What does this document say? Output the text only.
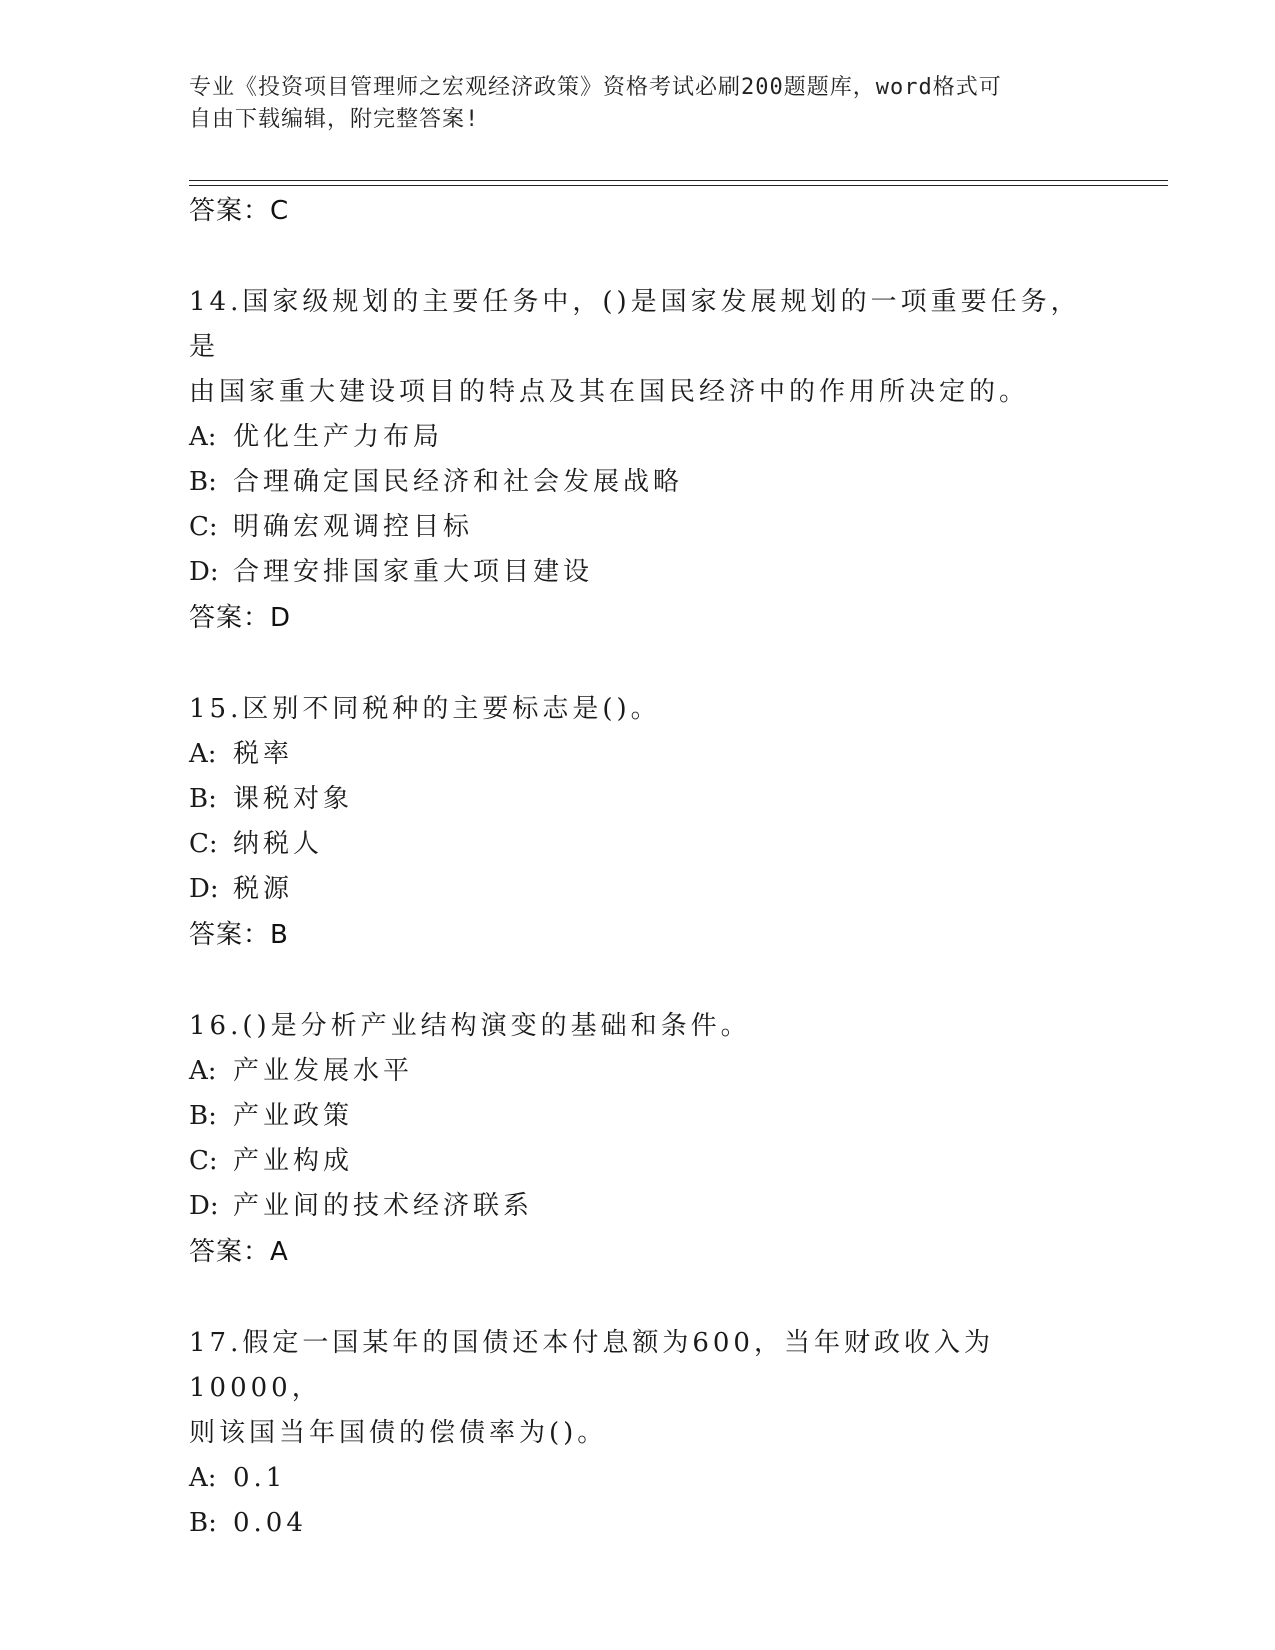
专业《投资项目管理师之宏观经济政策》资格考试必刷200题题库，word格式可
自由下载编辑，附完整答案!
答案：C
14.国家级规划的主要任务中，()是国家发展规划的一项重要任务，是
由国家重大建设项目的特点及其在国民经济中的作用所决定的。
A: 优化生产力布局
B: 合理确定国民经济和社会发展战略
C: 明确宏观调控目标
D: 合理安排国家重大项目建设
答案：D
15.区别不同税种的主要标志是()。
A: 税率
B: 课税对象
C: 纳税人
D: 税源
答案：B
16.()是分析产业结构演变的基础和条件。
A: 产业发展水平
B: 产业政策
C: 产业构成
D: 产业间的技术经济联系
答案：A
17.假定一国某年的国债还本付息额为600，当年财政收入为10000，
则该国当年国债的偿债率为()。
A: 0.1
B: 0.04
